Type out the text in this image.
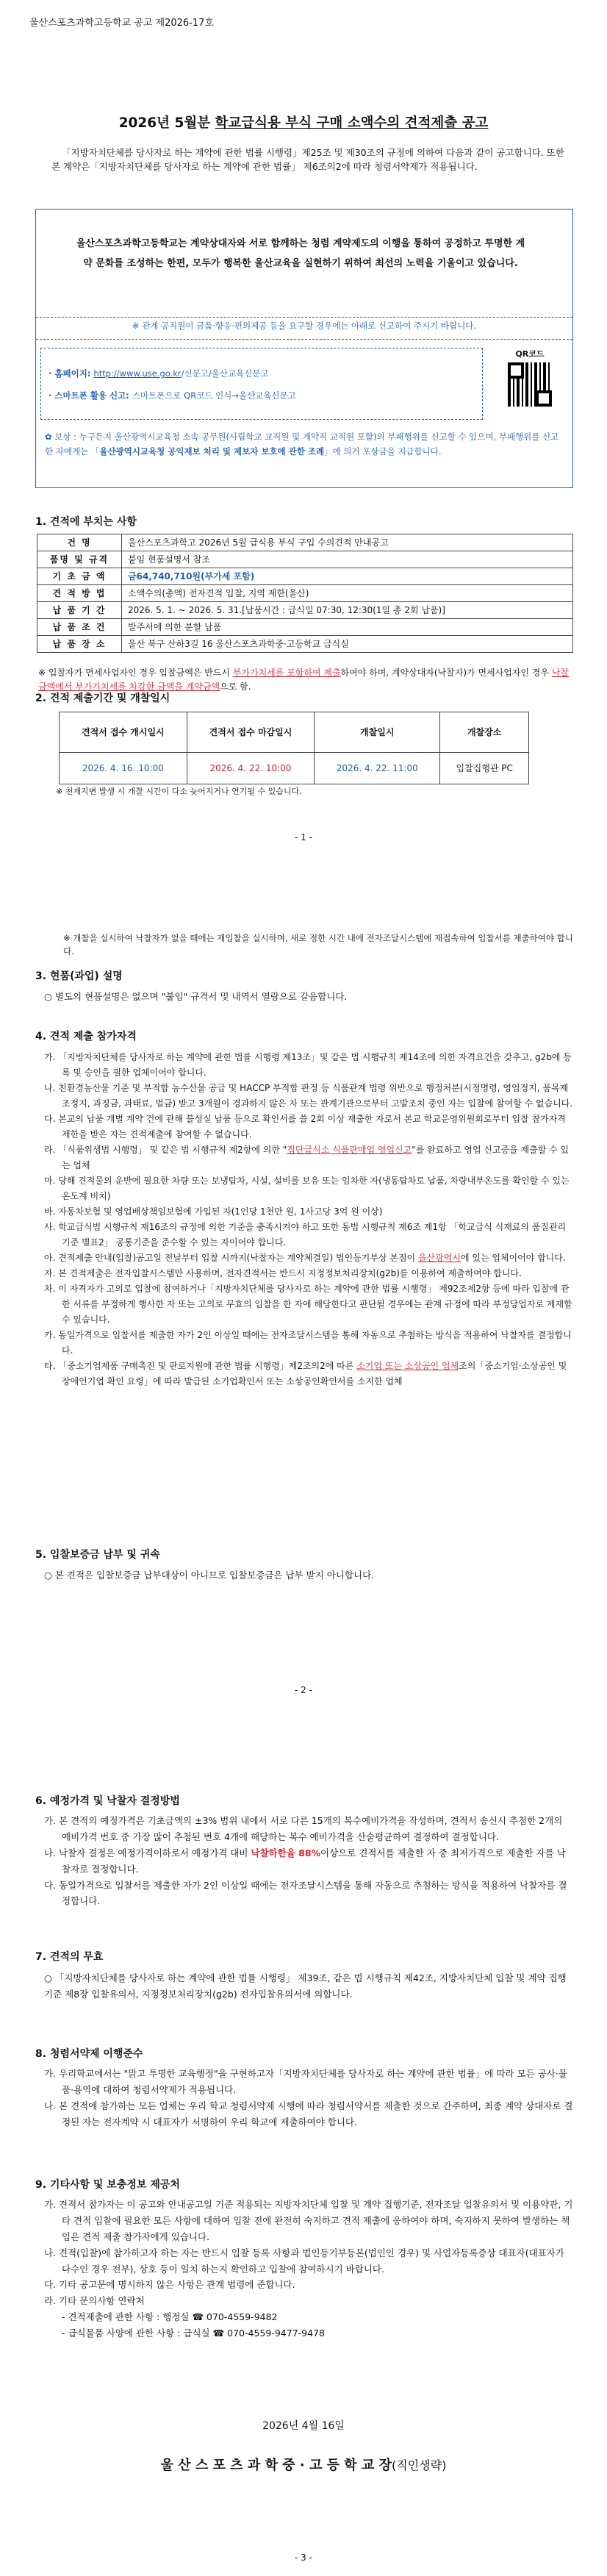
울산스포츠과학고등학교 공고 제2026-17호
2026년 5월분 학교급식용 부식 구매 소액수의 견적제출 공고
「지방자치단체를 당사자로 하는 계약에 관한 법률 시행령」제25조 및 제30조의 규정에 의하여 다음과 같이 공고합니다. 또한 본 계약은「지방자치단체를 당사자로 하는 계약에 관한 법률」 제6조의2에 따라 청렴서약제가 적용됩니다.
울산스포츠과학고등학교는 계약상대자와 서로 함께하는 청렴 계약제도의 이행을 통하여 공정하고 투명한 계약 문화를 조성하는 한편, 모두가 행복한 울산교육을 실현하기 위하여 최선의 노력을 기울이고 있습니다.
※ 관계 공직원이 금품·향응·편의제공 등을 요구할 경우에는 아래로 신고하여 주시기 바랍니다.
· 홈페이지: http://www.use.go.kr/신문고/울산교육신문고
· 스마트폰 활용 신고: 스마트폰으로 QR코드 인식→울산교육신문고
QR코드
✿ 보상 : 누구든지 울산광역시교육청 소속 공무원(사립학교 교직원 및 계약직 교직원 포함)의 부패행위를 신고할 수 있으며, 부패행위를 신고한 자에게는 「울산광역시교육청 공익제보 처리 및 제보자 보호에 관한 조례」에 의거 포상금을 지급합니다.
1. 견적에 부치는 사항
건 명	울산스포츠과학고 2026년 5월 급식용 부식 구입 수의견적 안내공고
품명 및 규격	붙임 현품설명서 참조
기 초 금 액	금64,740,710원(부가세 포함)
견 적 방 법	소액수의(총액) 전자견적 입찰, 지역 제한(울산)
납 품 기 간	2026. 5. 1. ~ 2026. 5. 31.[납품시간 : 급식일 07:30, 12:30(1일 총 2회 납품)]
납 품 조 건	발주서에 의한 분할 납품
납 품 장 소	울산 북구 산하3길 16 울산스포츠과학중·고등학교 급식실
※ 입찰자가 면세사업자인 경우 입찰금액은 반드시 부가가치세를 포함하여 제출하여야 하며, 계약상대자(낙찰자)가 면세사업자인 경우 낙찰금액에서 부가가치세를 차감한 금액을 계약금액으로 함.
2. 견적 제출기간 및 개찰일시
견적서 접수 개시일시	견적서 접수 마감일시	개찰일시	개찰장소
2026. 4. 16. 10:00	2026. 4. 22. 10:00	2026. 4. 22. 11:00	입찰집행관 PC
※ 천재지변 발생 시 개찰 시간이 다소 늦어지거나 연기될 수 있습니다.
- 1 -
※ 개찰을 실시하여 낙찰자가 없을 때에는 재입찰을 실시하며, 새로 정한 시간 내에 전자조달시스템에 재접속하여 입찰서를 제출하여야 합니다.
3. 현품(과업) 설명
○ 별도의 현품설명은 없으며 "붙임" 규격서 및 내역서 열람으로 갈음합니다.
4. 견적 제출 참가자격
가. 「지방자치단체를 당사자로 하는 계약에 관한 법률 시행령 제13조」및 같은 법 시행규칙 제14조에 의한 자격요건을 갖추고, g2b에 등록 및 승인을 필한 업체이어야 합니다.
나. 친환경농산물 기준 및 부적합 농수산물 공급 및 HACCP 부적합 판정 등 식품관계 법령 위반으로 행정처분(시정명령, 영업정지, 품목제조정지, 과징금, 과태료, 벌금) 받고 3개월이 경과하지 않은 자 또는 관계기관으로부터 고발조치 중인 자는 입찰에 참여할 수 없습니다.
다. 본교의 납품 개별 계약 건에 관해 불성실 납품 등으로 확인서를 쓸 2회 이상 재출한 자로서 본교 학교운영위원회로부터 입찰 참가자격 제한을 받은 자는 견적제출에 참여할 수 없습니다.
라. 「식품위생법 시행령」 및 같은 법 시행규칙 제2항에 의한 "집단급식소 식품판매업 영업신고"를 완료하고 영업 신고증을 제출할 수 있는 업체
마. 당해 견적물의 운반에 필요한 차량 또는 보냉탑차, 시설, 설비를 보유 또는 임차한 자(냉동탑차로 납품, 차량내부온도를 확인할 수 있는 온도계 비치)
바. 자동차보험 및 영업배상책임보험에 가입된 자(1인당 1천만 원, 1사고당 3억 원 이상)
사. 학교급식법 시행규칙 제16조의 규정에 의한 기준을 충족시켜야 하고 또한 동법 시행규칙 제6조 제1항 「학교급식 식재료의 품질관리기준 별표2」 공통기준을 준수할 수 있는 자이어야 합니다.
아. 견적제출 안내(입찰)공고일 전날부터 입찰 시까지(낙찰자는 계약체결일) 법인등기부상 본점이 울산광역시에 있는 업체이어야 합니다.
자. 본 견적제출은 전자입찰시스템만 사용하며, 전자견적서는 반드시 지정정보처리장치(g2b)를 이용하여 제출하여야 합니다.
차. 이 자격자가 고의로 입찰에 참여하거나「지방자치단체를 당사자로 하는 계약에 관한 법률 시행령」 제92조제2항 등에 따라 입찰에 관한 서류를 부정하게 행사한 자 또는 고의로 무효의 입찰을 한 자에 해당한다고 판단될 경우에는 관계 규정에 따라 부정당업자로 제재할 수 있습니다.
카. 동일가격으로 입찰서를 제출한 자가 2인 이상일 때에는 전자조달시스템을 통해 자동으로 추첨하는 방식을 적용하여 낙찰자를 결정합니다.
타. 「중소기업제품 구매촉진 및 판로지원에 관한 법률 시행령」제2조의2에 따른 소기업 또는 소상공인 업체조의「중소기업·소상공인 및 장애인기업 확인 요령」에 따라 발급된 소기업확인서 또는 소상공인확인서를 소지한 업체
5. 입찰보증금 납부 및 귀속
○ 본 견적은 입찰보증금 납부대상이 아니므로 입찰보증금은 납부 받지 아니합니다.
- 2 -
6. 예정가격 및 낙찰자 결정방법
가. 본 견적의 예정가격은 기초금액의 ±3% 범위 내에서 서로 다른 15개의 복수예비가격을 작성하며, 견적서 송신시 추첨한 2개의 예비가격 번호 중 가장 많이 추첨된 번호 4개에 해당하는 복수 예비가격을 산술평균하여 결정하여 결정합니다.
나. 낙찰자 결정은 예정가격이하로서 예정가격 대비 낙찰하한율 88%이상으로 견적서를 제출한 자 중 최저가격으로 제출한 자를 낙찰자로 결정합니다.
다. 동일가격으로 입찰서를 제출한 자가 2인 이상일 때에는 전자조달시스템을 통해 자동으로 추첨하는 방식을 적용하여 낙찰자를 결정합니다.
7. 견적의 무효
○ 「지방자치단체를 당사자로 하는 계약에 관한 법률 시행령」 제39조, 같은 법 시행규칙 제42조, 지방자치단체 입찰 및 계약 집행기준 제8장 입찰유의서, 지정정보처리장치(g2b) 전자입찰유의서에 의합니다.
8. 청렴서약제 이행준수
가. 우리학교에서는 "맑고 투명한 교육행정"을 구현하고자「지방자치단체를 당사자로 하는 계약에 관한 법률」에 따라 모든 공사·물품·용역에 대하여 청렴서약제가 적용됩니다.
나. 본 견적에 참가하는 모든 업체는 우리 학교 청렴서약제 시행에 따라 청렴서약서를 제출한 것으로 간주하며, 최종 계약 상대자로 결정된 자는 전자계약 시 대표자가 서명하여 우리 학교에 제출하여야 합니다.
9. 기타사항 및 보충정보 제공처
가. 견적서 참가자는 이 공고와 안내공고일 기준 적용되는 지방자치단체 입찰 및 계약 집행기준, 전자조달 입찰유의서 및 이용약관, 기타 견적 입찰에 필요한 모든 사항에 대하여 입찰 전에 완전히 숙지하고 견적 제출에 응하여야 하며, 숙지하지 못하여 발생하는 책임은 견적 제출 참가자에게 있습니다.
나. 견적(입찰)에 참가하고자 하는 자는 반드시 입찰 등록 사항과 법인등기부등본(법인인 경우) 및 사업자등록증상 대표자(대표자가 다수인 경우 전부), 상호 등이 일치 하는지 확인하고 입찰에 참여하시기 바랍니다.
다. 기타 공고문에 명시하지 않은 사항은 관계 법령에 준합니다.
라. 기타 문의사항 연락처
- 견적제출에 관한 사항 : 행정실 ☎ 070-4559-9482
- 급식물품 사양에 관한 사항 : 급식실 ☎ 070-4559-9477-9478
2026년 4월 16일
울 산 스 포 츠 과 학 중 · 고 등 학 교 장(직인생략)
- 3 -
